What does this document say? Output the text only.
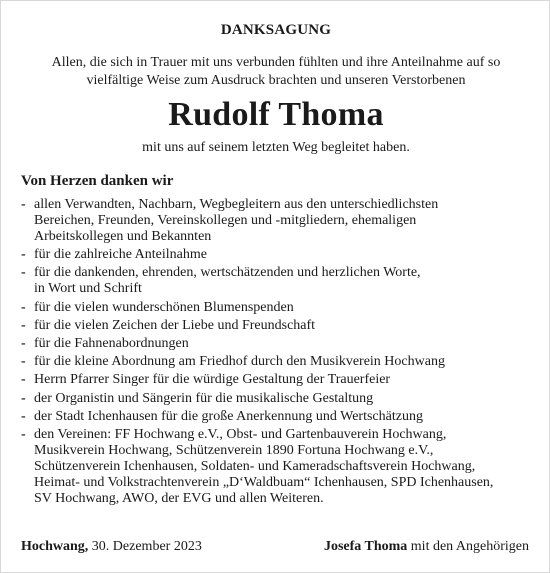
DANKSAGUNG
Allen, die sich in Trauer mit uns verbunden fühlten und ihre Anteilnahme auf so
vielfältige Weise zum Ausdruck brachten und unseren Verstorbenen
Rudolf Thoma
mit uns auf seinem letzten Weg begleitet haben.
Von Herzen danken wir
- allen Verwandten, Nachbarn, Wegbegleitern aus den unterschiedlichsten
Bereichen, Freunden, Vereinskollegen und -mitgliedern, ehemaligen
Arbeitskollegen und Bekannten
- für die zahlreiche Anteilnahme
- für die dankenden, ehrenden, wertschätzenden und herzlichen Worte,
in Wort und Schrift
- für die vielen wunderschönen Blumenspenden
- für die vielen Zeichen der Liebe und Freundschaft
- für die Fahnenabordnungen
- für die kleine Abordnung am Friedhof durch den Musikverein Hochwang
- Herrn Pfarrer Singer für die würdige Gestaltung der Trauerfeier
- der Organistin und Sängerin für die musikalische Gestaltung
- der Stadt Ichenhausen für die große Anerkennung und Wertschätzung
- den Vereinen: FF Hochwang e.V., Obst- und Gartenbauverein Hochwang,
Musikverein Hochwang, Schützenverein 1890 Fortuna Hochwang e.V.,
Schützenverein Ichenhausen, Soldaten- und Kameradschaftsverein Hochwang,
Heimat- und Volkstrachtenverein „D‘Waldbuam“ Ichenhausen, SPD Ichenhausen,
SV Hochwang, AWO, der EVG und allen Weiteren.
Hochwang, 30. Dezember 2023	Josefa Thoma mit den Angehörigen
